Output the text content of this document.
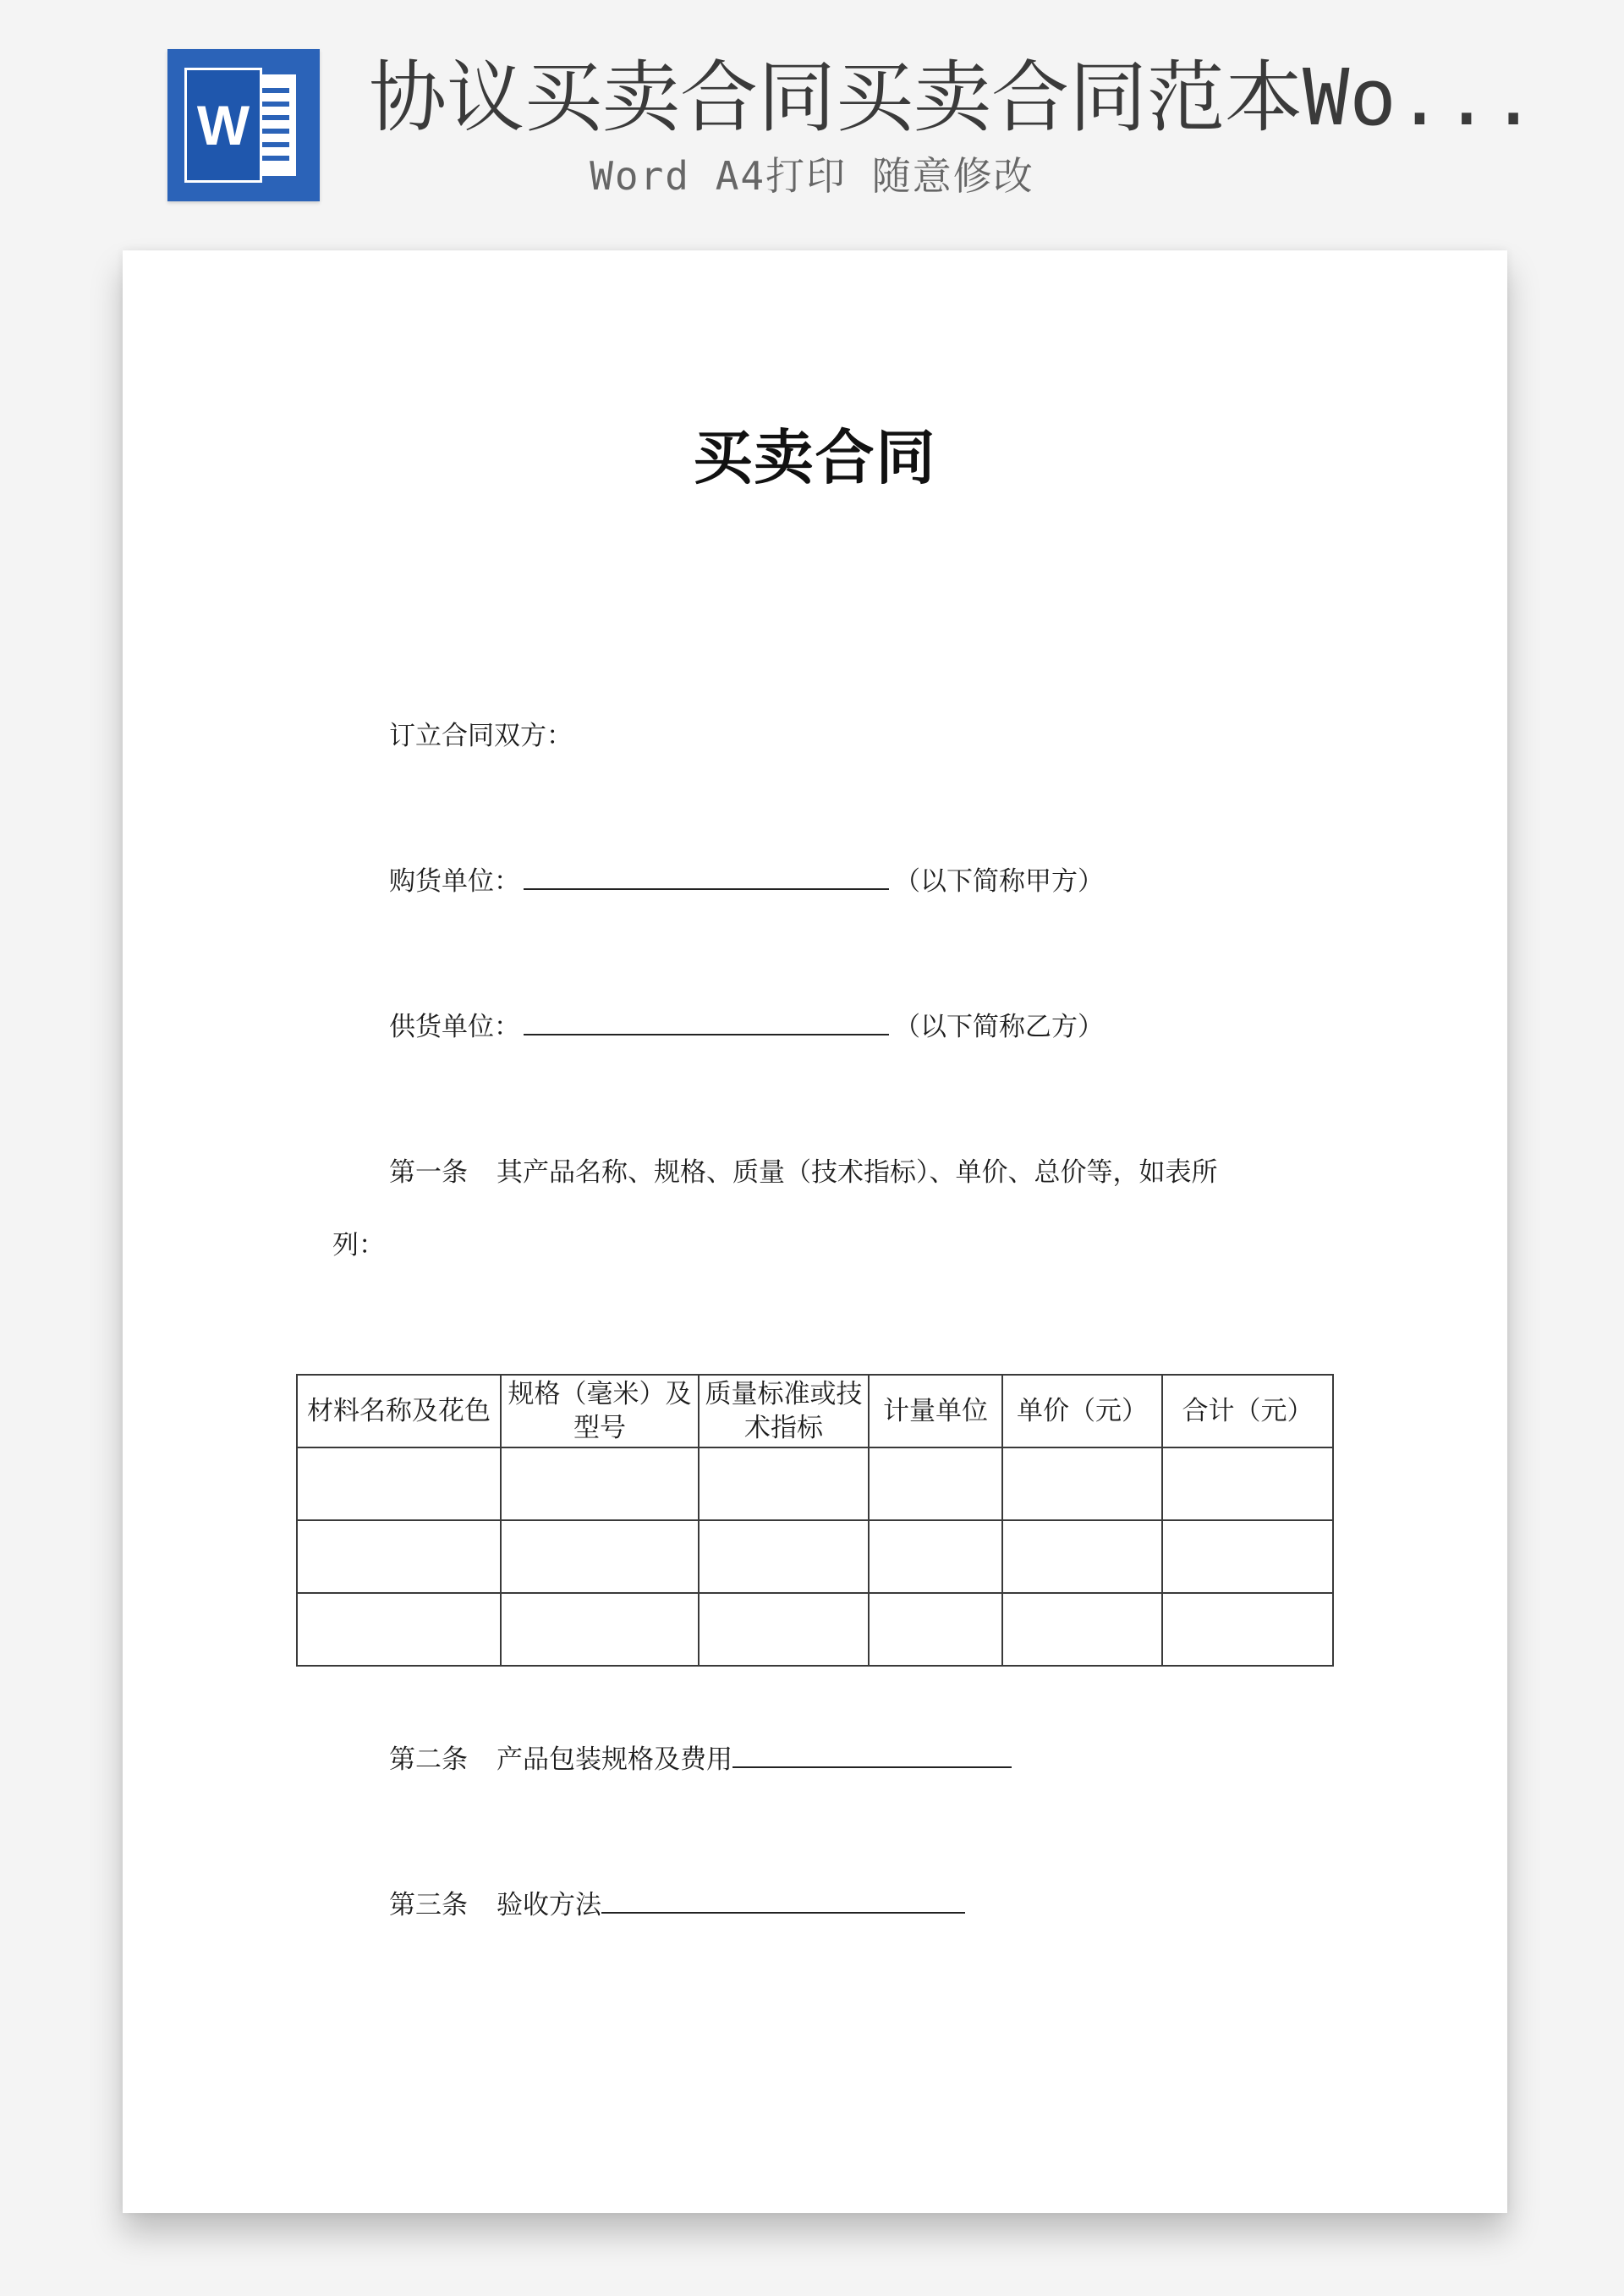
W 协议买卖合同买卖合同范本Wo...
Word A4打印 随意修改
买卖合同
订立合同双方：
购货单位：	（以下简称甲方）
供货单位：	（以下简称乙方）
第一条 其产品名称、规格、质量（技术指标）、单价、总价等，如表所
列：
材料名称及花色	规格（毫米）及型号	质量标准或技术指标	计量单位	单价（元）	合计（元）

第二条 产品包装规格及费用
第三条 验收方法
